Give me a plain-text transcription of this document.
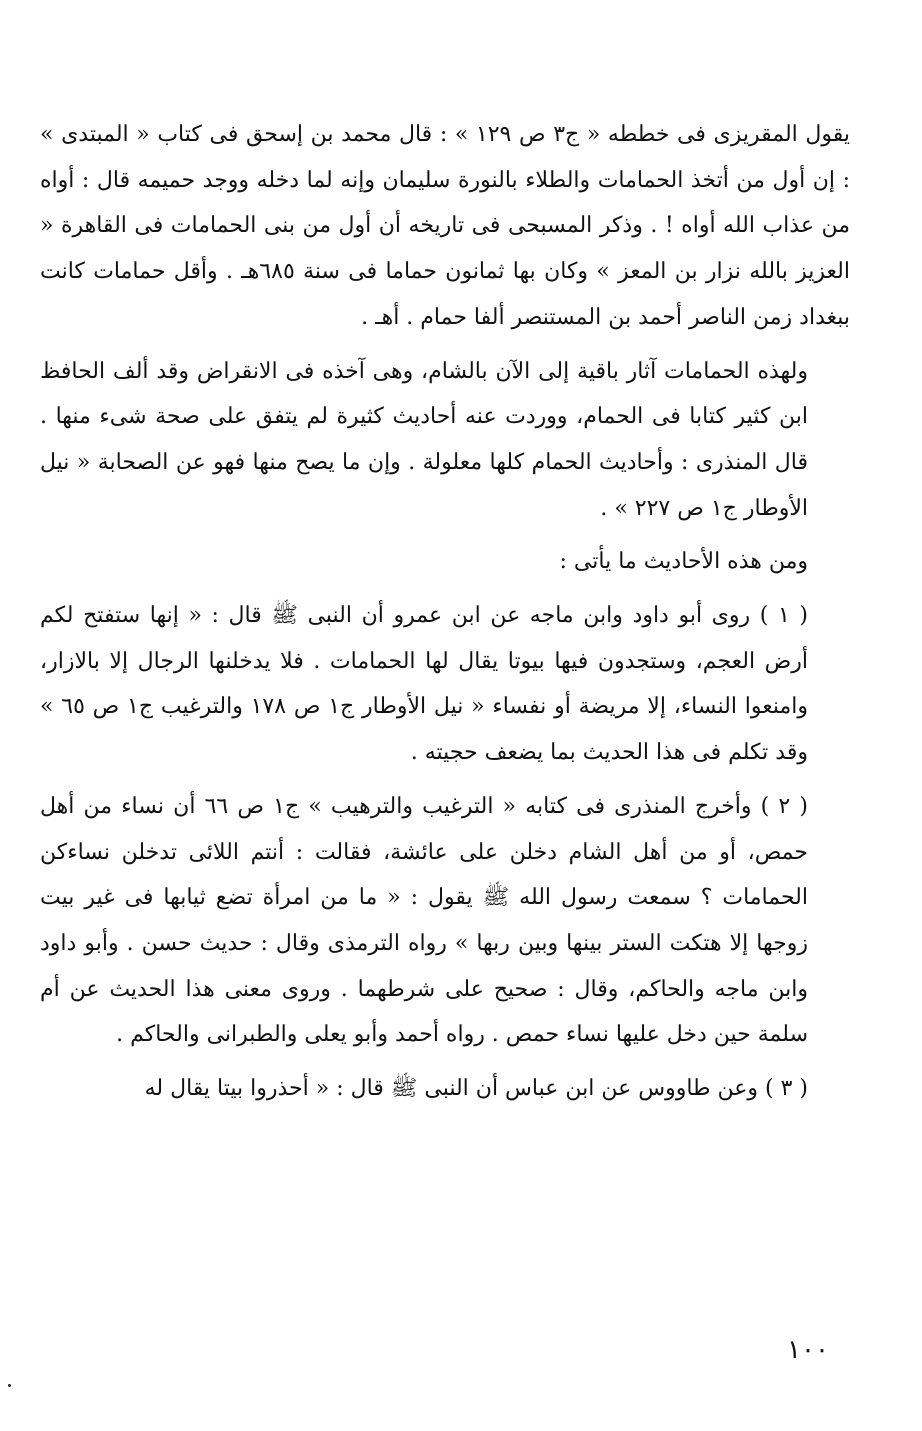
يقول المقريزى فى خططه « ج٣ ص ١٢٩ » : قال محمد بن إسحق فى كتاب « المبتدى » : إن أول من أتخذ الحمامات والطلاء بالنورة سليمان وإنه لما دخله ووجد حميمه قال : أواه من عذاب الله أواه ! . وذكر المسبحى فى تاريخه أن أول من بنى الحمامات فى القاهرة « العزيز بالله نزار بن المعز » وكان بها ثمانون حماما فى سنة ٦٨٥هـ . وأقل حمامات كانت ببغداد زمن الناصر أحمد بن المستنصر ألفا حمام . أهـ .

ولهذه الحمامات آثار باقية إلى الآن بالشام، وهى آخذه فى الانقراض وقد ألف الحافظ ابن كثير كتابا فى الحمام، ووردت عنه أحاديث كثيرة لم يتفق على صحة شىء منها . قال المنذرى : وأحاديث الحمام كلها معلولة . وإن ما يصح منها فهو عن الصحابة « نيل الأوطار ج١ ص ٢٢٧ » .

ومن هذه الأحاديث ما يأتى :

( ١ ) روى أبو داود وابن ماجه عن ابن عمرو أن النبى ﷺ قال : « إنها ستفتح لكم أرض العجم، وستجدون فيها بيوتا يقال لها الحمامات . فلا يدخلنها الرجال إلا بالازار، وامنعوا النساء، إلا مريضة أو نفساء « نيل الأوطار ج١ ص ١٧٨ والترغيب ج١ ص ٦٥ » وقد تكلم فى هذا الحديث بما يضعف حجيته .

( ٢ ) وأخرج المنذرى فى كتابه « الترغيب والترهيب » ج١ ص ٦٦ أن نساء من أهل حمص، أو من أهل الشام دخلن على عائشة، فقالت : أنتم اللائى تدخلن نساءكن الحمامات ؟ سمعت رسول الله ﷺ يقول : « ما من امرأة تضع ثيابها فى غير بيت زوجها إلا هتكت الستر بينها وبين ربها » رواه الترمذى وقال : حديث حسن . وأبو داود وابن ماجه والحاكم، وقال : صحيح على شرطهما . وروى معنى هذا الحديث عن أم سلمة حين دخل عليها نساء حمص . رواه أحمد وأبو يعلى والطبرانى والحاكم .

( ٣ ) وعن طاووس عن ابن عباس أن النبى ﷺ قال : « أحذروا بيتا يقال له

١٠٠
